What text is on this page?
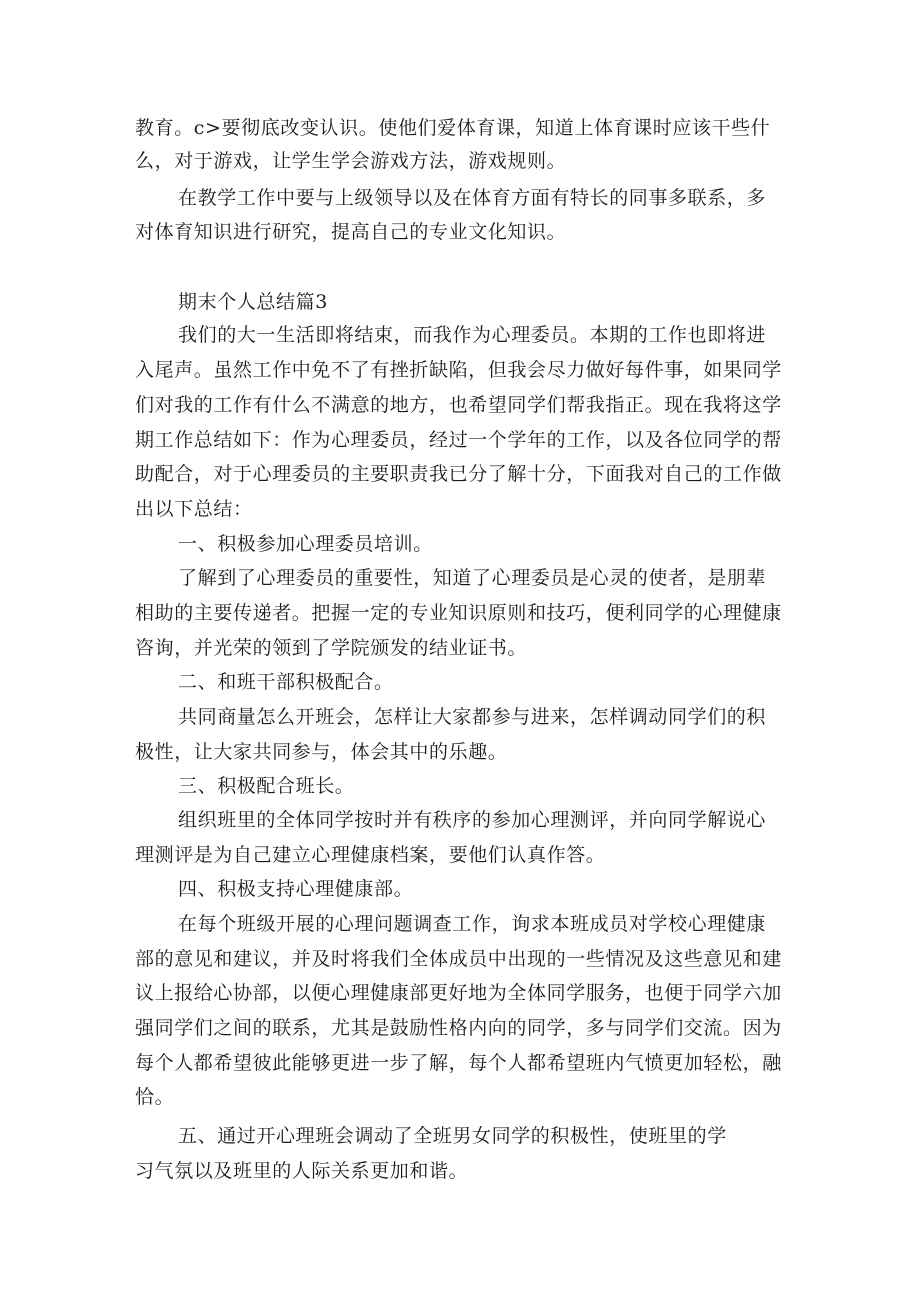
教育。c>要彻底改变认识。使他们爱体育课，知道上体育课时应该干些什
么，对于游戏，让学生学会游戏方法，游戏规则。
在教学工作中要与上级领导以及在体育方面有特长的同事多联系，多
对体育知识进行研究，提高自己的专业文化知识。
期末个人总结篇3
我们的大一生活即将结束，而我作为心理委员。本期的工作也即将进
入尾声。虽然工作中免不了有挫折缺陷，但我会尽力做好每件事，如果同学
们对我的工作有什么不满意的地方，也希望同学们帮我指正。现在我将这学
期工作总结如下：作为心理委员，经过一个学年的工作，以及各位同学的帮
助配合，对于心理委员的主要职责我已分了解十分，下面我对自己的工作做
出以下总结：
一、积极参加心理委员培训。
了解到了心理委员的重要性，知道了心理委员是心灵的使者，是朋辈
相助的主要传递者。把握一定的专业知识原则和技巧，便利同学的心理健康
咨询，并光荣的领到了学院颁发的结业证书。
二、和班干部积极配合。
共同商量怎么开班会，怎样让大家都参与进来，怎样调动同学们的积
极性，让大家共同参与，体会其中的乐趣。
三、积极配合班长。
组织班里的全体同学按时并有秩序的参加心理测评，并向同学解说心
理测评是为自己建立心理健康档案，要他们认真作答。
四、积极支持心理健康部。
在每个班级开展的心理问题调查工作，询求本班成员对学校心理健康
部的意见和建议，并及时将我们全体成员中出现的一些情况及这些意见和建
议上报给心协部，以便心理健康部更好地为全体同学服务，也便于同学六加
强同学们之间的联系，尤其是鼓励性格内向的同学，多与同学们交流。因为
每个人都希望彼此能够更进一步了解，每个人都希望班内气愤更加轻松，融
恰。
五、通过开心理班会调动了全班男女同学的积极性，使班里的学
习气氛以及班里的人际关系更加和谐。
